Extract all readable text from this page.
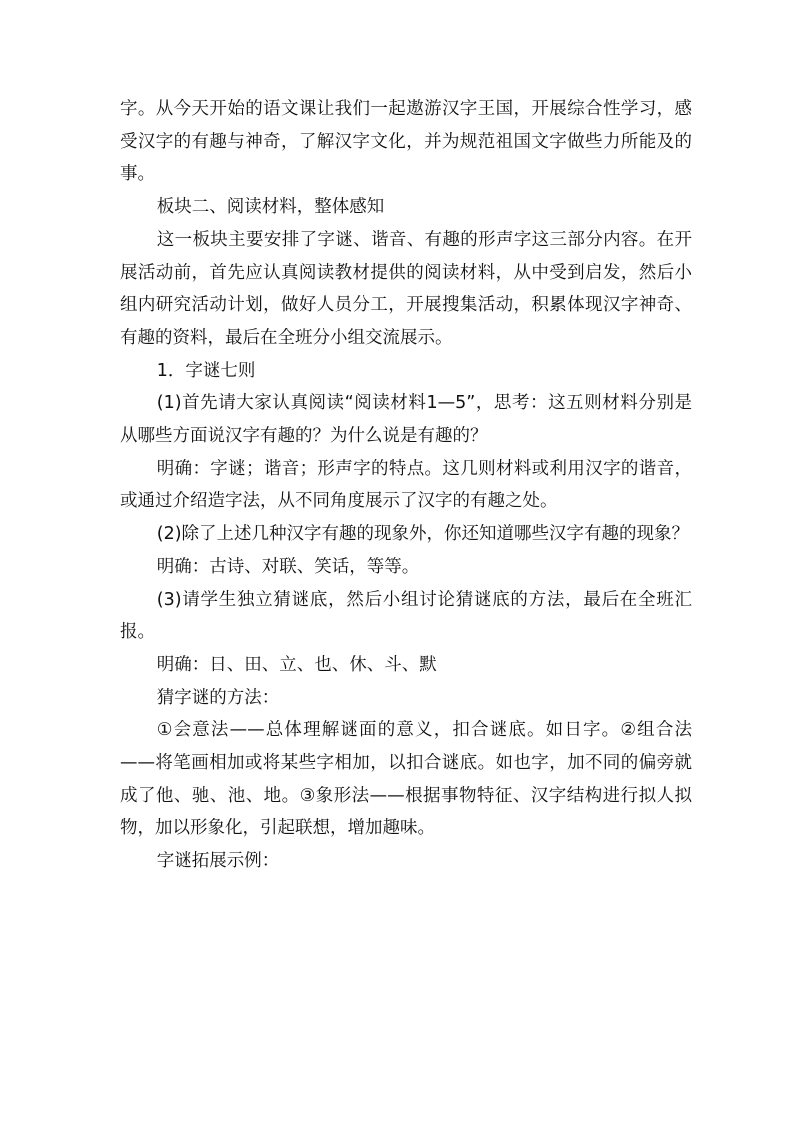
字。从今天开始的语文课让我们一起遨游汉字王国，开展综合性学习，感受汉字的有趣与神奇，了解汉字文化，并为规范祖国文字做些力所能及的事。

板块二、阅读材料，整体感知

这一板块主要安排了字谜、谐音、有趣的形声字这三部分内容。在开展活动前，首先应认真阅读教材提供的阅读材料，从中受到启发，然后小组内研究活动计划，做好人员分工，开展搜集活动，积累体现汉字神奇、有趣的资料，最后在全班分小组交流展示。

1．字谜七则

(1)首先请大家认真阅读“阅读材料1—5”，思考：这五则材料分别是从哪些方面说汉字有趣的？为什么说是有趣的？

明确：字谜；谐音；形声字的特点。这几则材料或利用汉字的谐音，或通过介绍造字法，从不同角度展示了汉字的有趣之处。

(2)除了上述几种汉字有趣的现象外，你还知道哪些汉字有趣的现象？

明确：古诗、对联、笑话，等等。

(3)请学生独立猜谜底，然后小组讨论猜谜底的方法，最后在全班汇报。

明确：日、田、立、也、休、斗、默

猜字谜的方法：

①会意法——总体理解谜面的意义，扣合谜底。如日字。②组合法——将笔画相加或将某些字相加，以扣合谜底。如也字，加不同的偏旁就成了他、驰、池、地。③象形法——根据事物特征、汉字结构进行拟人拟物，加以形象化，引起联想，增加趣味。

字谜拓展示例：
